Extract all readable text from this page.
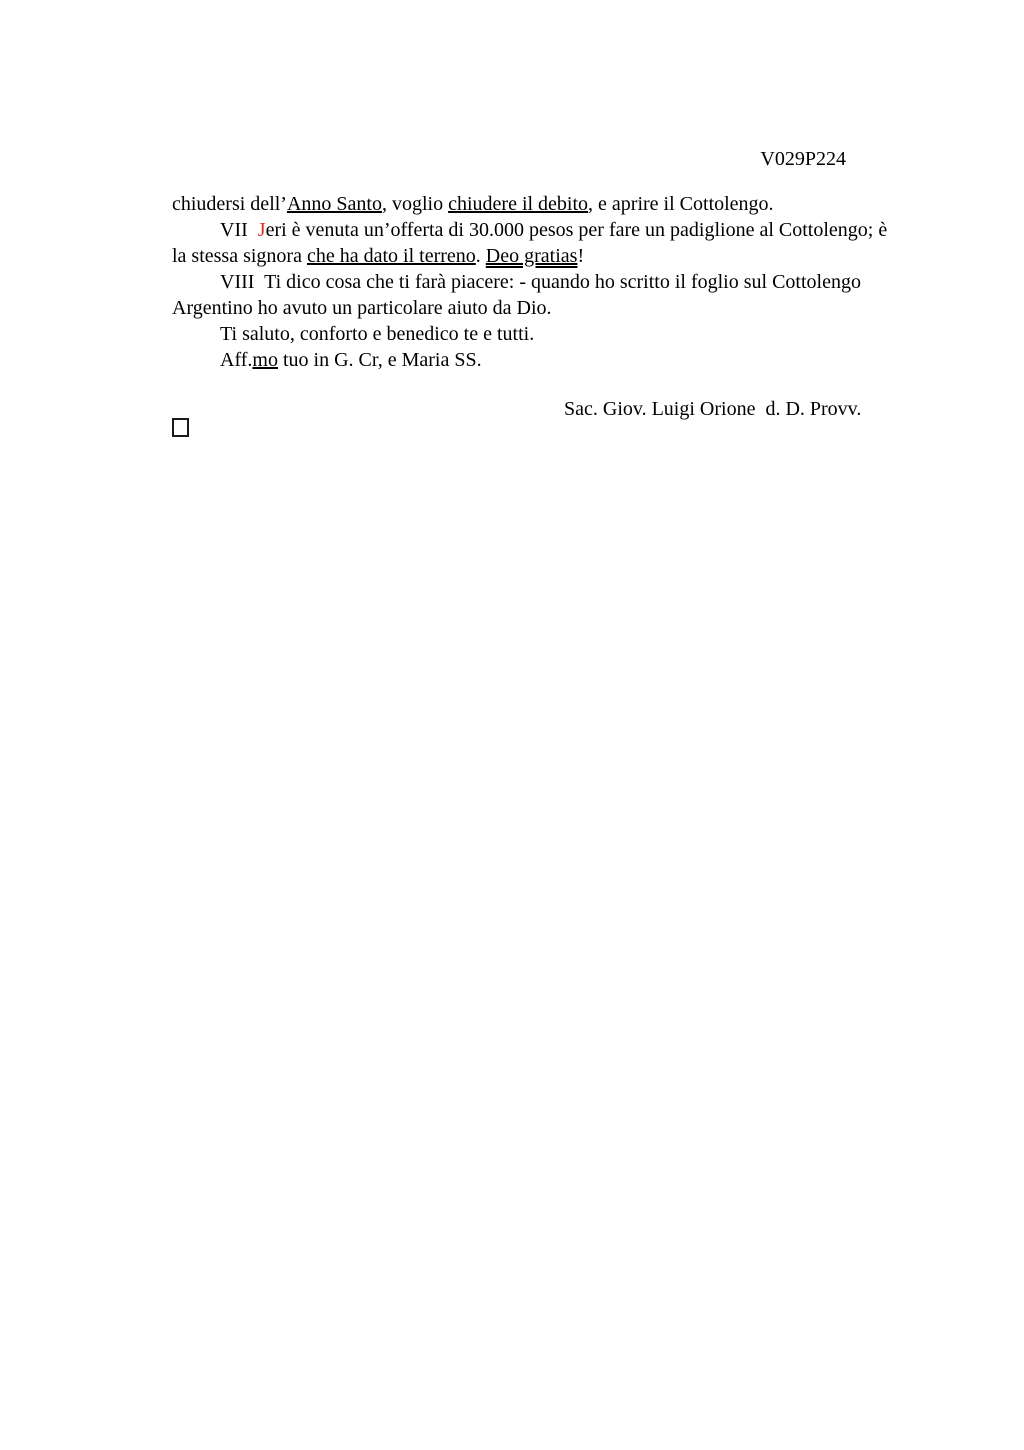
V029P224

chiudersi dell’Anno Santo, voglio chiudere il debito, e aprire il Cottolengo.

VII  Jeri è venuta un’offerta di 30.000 pesos per fare un padiglione al Cottolengo; è la stessa signora che ha dato il terreno. Deo gratias!

VIII  Ti dico cosa che ti farà piacere: - quando ho scritto il foglio sul Cottolengo Argentino ho avuto un particolare aiuto da Dio.

Ti saluto, conforto e benedico te e tutti.

Aff.mo tuo in G. Cr, e Maria SS.

Sac. Giov. Luigi Orione  d. D. Provv.
